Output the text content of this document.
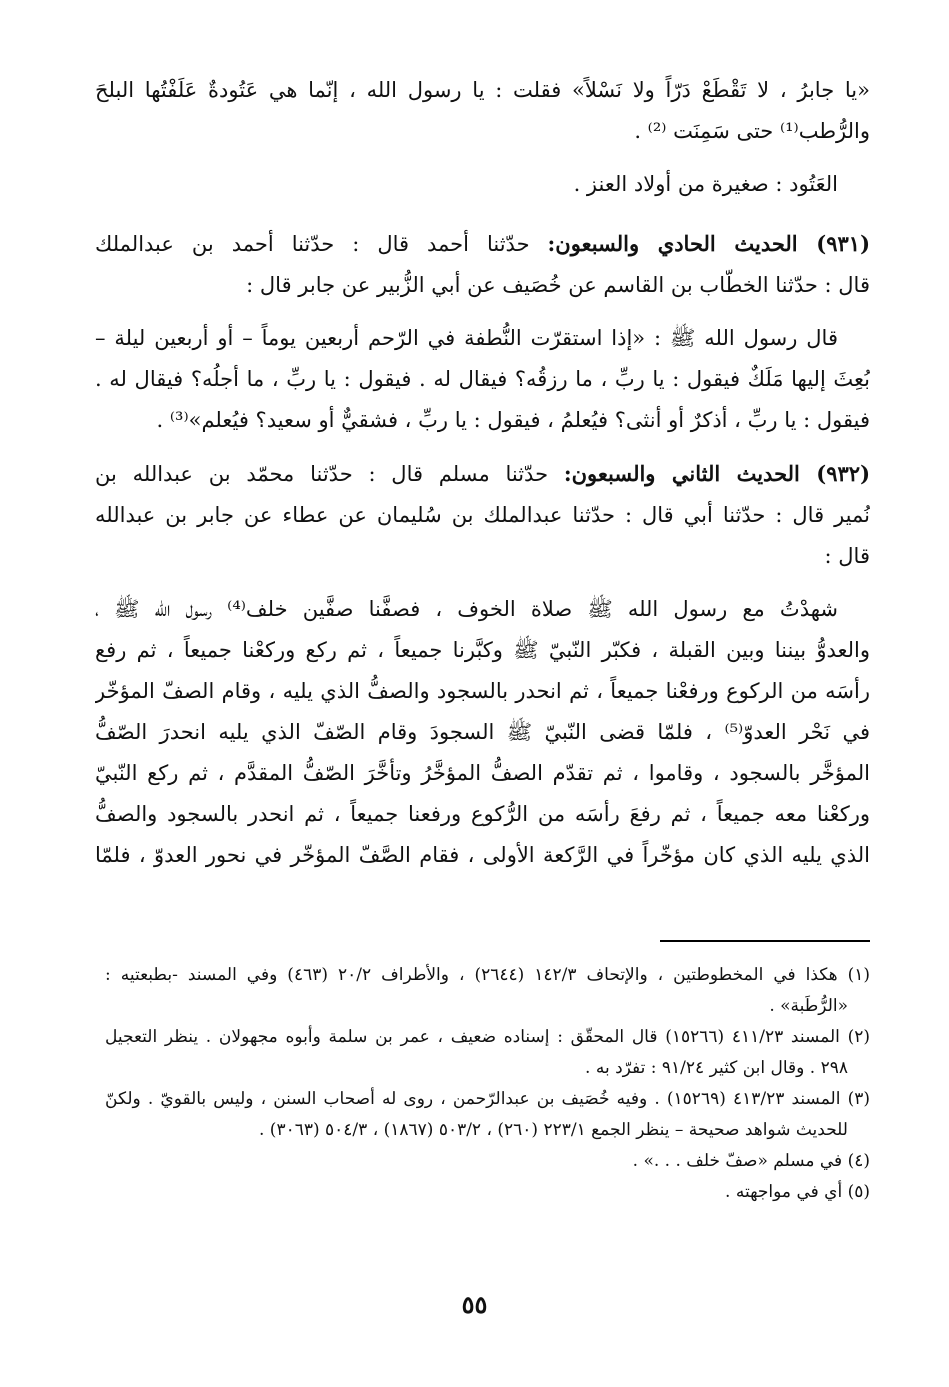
«يا جابرُ ، لا تَقْطَعْ دَرّاً ولا نَسْلاً» فقلت : يا رسول الله ، إنّما هي عَتُودةٌ عَلَفْتُها البلحَ
والرُّطب⁽¹⁾ حتى سَمِنَت ⁽²⁾ .
العَتُود : صغيرة من أولاد العنز .
(٩٣١) الحديث الحادي والسبعون: حدّثنا أحمد قال : حدّثنا أحمد بن عبدالملك
قال : حدّثنا الخطّاب بن القاسم عن خُصَيف عن أبي الزُّبير عن جابر قال :
قال رسول الله ﷺ : «إذا استقرّت النُّطفة في الرّحم أربعين يوماً – أو أربعين ليلة –
بُعِثَ إليها مَلَكٌ فيقول : يا ربِّ ، ما رزقُه؟ فيقال له . فيقول : يا ربِّ ، ما أجلُه؟ فيقال له .
فيقول : يا ربِّ ، أذكرٌ أو أنثى؟ فيُعلمُ ، فيقول : يا ربِّ ، فشقيٌّ أو سعيد؟ فيُعلم»⁽³⁾ .
(٩٣٢) الحديث الثاني والسبعون: حدّثنا مسلم قال : حدّثنا محمّد بن عبدالله بن
نُمير قال : حدّثنا أبي قال : حدّثنا عبدالملك بن سُليمان عن عطاء عن جابر بن عبدالله
قال :
شهدْتُ مع رسول الله ﷺ صلاة الخوف ، فصفَّنا صفَّين خلف⁽⁴⁾ رسول الله ﷺ ،
والعدوُّ بيننا وبين القبلة ، فكبّر النّبيّ ﷺ وكبَّرنا جميعاً ، ثم ركع وركعْنا جميعاً ، ثم رفع
رأسَه من الركوع ورفعْنا جميعاً ، ثم انحدر بالسجود والصفُّ الذي يليه ، وقام الصفّ المؤخّر
في نَحْر العدوّ⁽⁵⁾ ، فلمّا قضى النّبيّ ﷺ السجودَ وقام الصّفّ الذي يليه انحدرَ الصّفُّ
المؤخَّر بالسجود ، وقاموا ، ثم تقدّم الصفُّ المؤخَّرُ وتأخَّرَ الصّفُّ المقدَّم ، ثم ركع النّبيّ
وركعْنا معه جميعاً ، ثم رفعَ رأسَه من الرُّكوع ورفعنا جميعاً ، ثم انحدر بالسجود والصفُّ
الذي يليه الذي كان مؤخّراً في الرَّكعة الأولى ، فقام الصَّفّ المؤخّر في نحور العدوّ ، فلمّا
(١) هكذا في المخطوطتين ، والإتحاف ١٤٢/٣ (٢٦٤٤) ، والأطراف ٢٠/٢ (٤٦٣) وفي المسند -بطبعتيه :
«الرُّطَبة» .
(٢) المسند ٤١١/٢٣ (١٥٢٦٦) قال المحقّق : إسناده ضعيف ، عمر بن سلمة وأبوه مجهولان . ينظر التعجيل
٢٩٨ . وقال ابن كثير ٩١/٢٤ : تفرّد به .
(٣) المسند ٤١٣/٢٣ (١٥٢٦٩) . وفيه خُصَيف بن عبدالرّحمن ، روى له أصحاب السنن ، وليس بالقويّ . ولكنّ
للحديث شواهد صحيحة – ينظر الجمع ٢٢٣/١ (٢٦٠) ، ٥٠٣/٢ (١٨٦٧) ، ٥٠٤/٣ (٣٠٦٣) .
(٤) في مسلم «صفّ خلف . . .» .
(٥) أي في مواجهته .
٥٥
